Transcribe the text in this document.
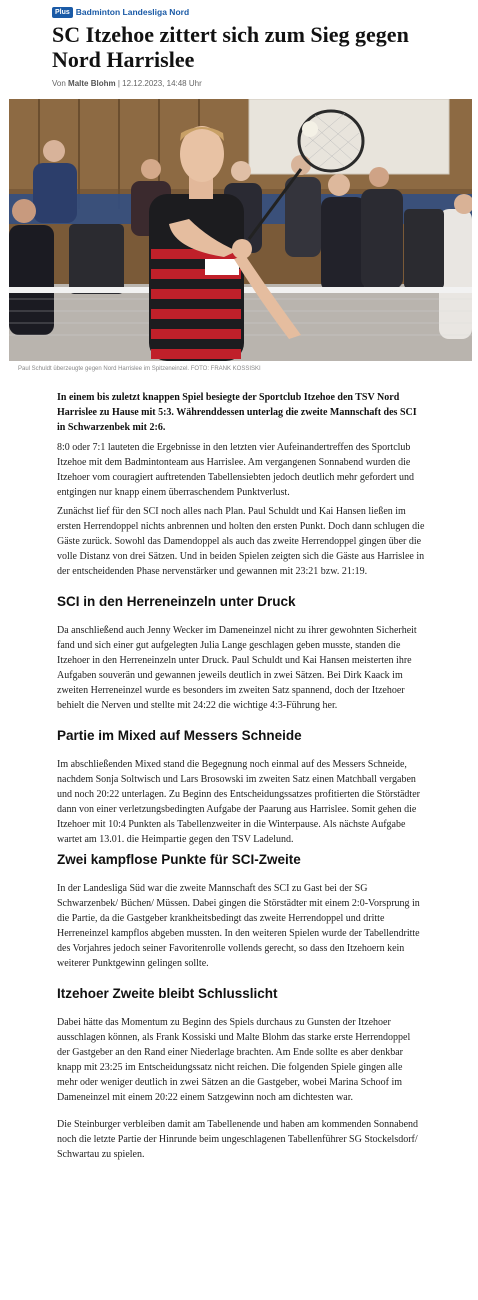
Plus Badminton Landesliga Nord
SC Itzehoe zittert sich zum Sieg gegen Nord Harrislee
Von Malte Blohm | 12.12.2023, 14:48 Uhr
Paul Schuldt überzeugte gegen Nord Harrislee im Spitzeneinzel. FOTO: FRANK KOSSISKI

In einem bis zuletzt knappen Spiel besiegte der Sportclub Itzehoe den TSV Nord Harrislee zu Hause mit 5:3. Währenddessen unterlag die zweite Mannschaft des SCI in Schwarzenbek mit 2:6.

8:0 oder 7:1 lauteten die Ergebnisse in den letzten vier Aufeinandertreffen des Sportclub Itzehoe mit dem Badmintonteam aus Harrislee. Am vergangenen Sonnabend wurden die Itzehoer vom couragiert auftretenden Tabellensiebten jedoch deutlich mehr gefordert und entgingen nur knapp einem überraschendem Punktverlust.

Zunächst lief für den SCI noch alles nach Plan. Paul Schuldt und Kai Hansen ließen im ersten Herrendoppel nichts anbrennen und holten den ersten Punkt. Doch dann schlugen die Gäste zurück. Sowohl das Damendoppel als auch das zweite Herrendoppel gingen über die volle Distanz von drei Sätzen. Und in beiden Spielen zeigten sich die Gäste aus Harrislee in der entscheidenden Phase nervenstärker und gewannen mit 23:21 bzw. 21:19.

SCI in den Herreneinzeln unter Druck

Da anschließend auch Jenny Wecker im Dameneinzel nicht zu ihrer gewohnten Sicherheit fand und sich einer gut aufgelegten Julia Lange geschlagen geben musste, standen die Itzehoer in den Herreneinzeln unter Druck. Paul Schuldt und Kai Hansen meisterten ihre Aufgaben souverän und gewannen jeweils deutlich in zwei Sätzen. Bei Dirk Kaack im zweiten Herreneinzel wurde es besonders im zweiten Satz spannend, doch der Itzehoer behielt die Nerven und stellte mit 24:22 die wichtige 4:3-Führung her.

Partie im Mixed auf Messers Schneide

Im abschließenden Mixed stand die Begegnung noch einmal auf des Messers Schneide, nachdem Sonja Soltwisch und Lars Brosowski im zweiten Satz einen Matchball vergaben und noch 20:22 unterlagen. Zu Beginn des Entscheidungssatzes profitierten die Störstädter dann von einer verletzungsbedingten Aufgabe der Paarung aus Harrislee. Somit gehen die Itzehoer mit 10:4 Punkten als Tabellenzweiter in die Winterpause. Als nächste Aufgabe wartet am 13.01. die Heimpartie gegen den TSV Ladelund.

Zwei kampflose Punkte für SCI-Zweite

In der Landesliga Süd war die zweite Mannschaft des SCI zu Gast bei der SG Schwarzenbek/ Büchen/ Müssen. Dabei gingen die Störstädter mit einem 2:0-Vorsprung in die Partie, da die Gastgeber krankheitsbedingt das zweite Herrendoppel und dritte Herreneinzel kampflos abgeben mussten. In den weiteren Spielen wurde der Tabellendritte des Vorjahres jedoch seiner Favoritenrolle vollends gerecht, so dass den Itzehoern kein weiterer Punktgewinn gelingen sollte.

Itzehoer Zweite bleibt Schlusslicht

Dabei hätte das Momentum zu Beginn des Spiels durchaus zu Gunsten der Itzehoer ausschlagen können, als Frank Kossiski und Malte Blohm das starke erste Herrendoppel der Gastgeber an den Rand einer Niederlage brachten. Am Ende sollte es aber denkbar knapp mit 23:25 im Entscheidungssatz nicht reichen. Die folgenden Spiele gingen alle mehr oder weniger deutlich in zwei Sätzen an die Gastgeber, wobei Marina Schoof im Dameneinzel mit einem 20:22 einem Satzgewinn noch am dichtesten war.

Die Steinburger verbleiben damit am Tabellenende und haben am kommenden Sonnabend noch die letzte Partie der Hinrunde beim ungeschlagenen Tabellenführer SG Stockelsdorf/ Schwartau zu spielen.
